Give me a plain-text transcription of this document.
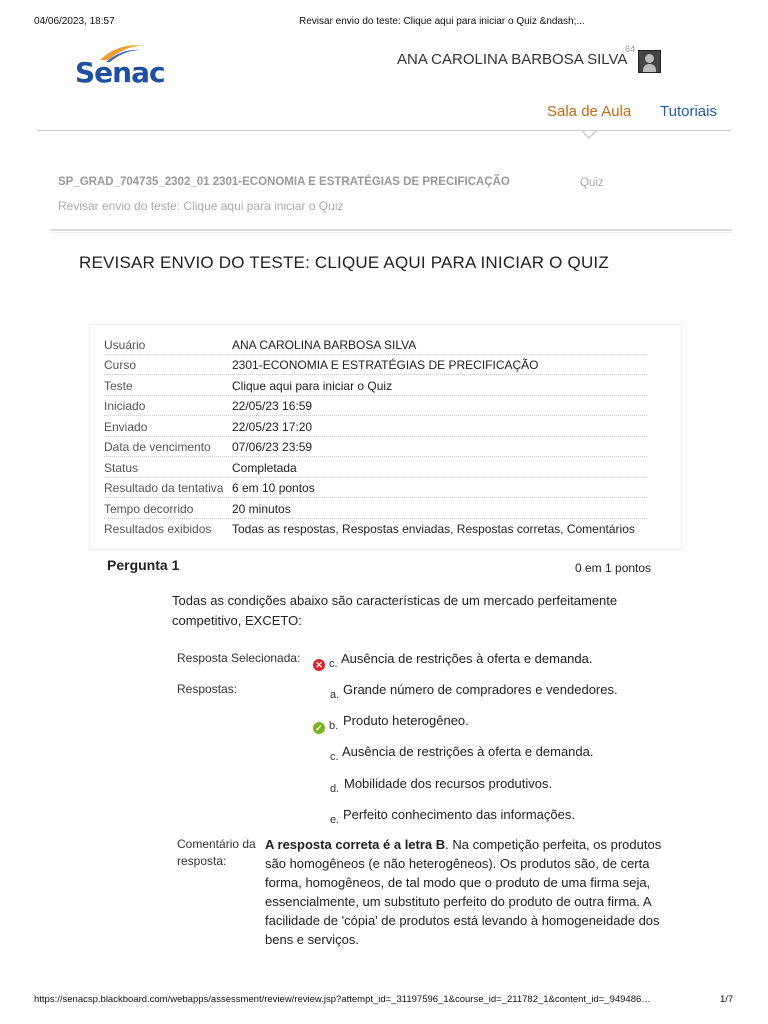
04/06/2023, 18:57	Revisar envio do teste: Clique aqui para iniciar o Quiz &ndash;...
Senac	ANA CAROLINA BARBOSA SILVA
64
Sala de Aula Tutoriais
SP_GRAD_704735_2302_01 2301-ECONOMIA E ESTRATÉGIAS DE PRECIFICAÇÃO	Quiz
Revisar envio do teste: Clique aqui para iniciar o Quiz
REVISAR ENVIO DO TESTE: CLIQUE AQUI PARA INICIAR O QUIZ
Usuário	ANA CAROLINA BARBOSA SILVA
Curso	2301-ECONOMIA E ESTRATÉGIAS DE PRECIFICAÇÃO
Teste	Clique aqui para iniciar o Quiz
Iniciado	22/05/23 16:59
Enviado	22/05/23 17:20
Data de vencimento 07/06/23 23:59
Status	Completada
Resultado da tentativa 6 em 10 pontos
Tempo decorrido	20 minutos
Resultados exibidos Todas as respostas, Respostas enviadas, Respostas corretas, Comentários
Pergunta 1	0 em 1 pontos
Todas as condições abaixo são características de um mercado perfeitamente competitivo, EXCETO:
Resposta Selecionada: ✕ c. Ausência de restrições à oferta e demanda.
Respostas:	a. Grande número de compradores e vendedores.
✓ b. Produto heterogêneo.
c. Ausência de restrições à oferta e demanda.
d. Mobilidade dos recursos produtivos.
e. Perfeito conhecimento das informações.
Comentário da resposta:
A resposta correta é a letra B. Na competição perfeita, os produtos são homogêneos (e não heterogêneos). Os produtos são, de certa forma, homogêneos, de tal modo que o produto de uma firma seja, essencialmente, um substituto perfeito do produto de outra firma. A facilidade de 'cópia' de produtos está levando à homogeneidade dos bens e serviços.
https://senacsp.blackboard.com/webapps/assessment/review/review.jsp?attempt_id=_31197596_1&course_id=_211782_1&content_id=_949486…	1/7
